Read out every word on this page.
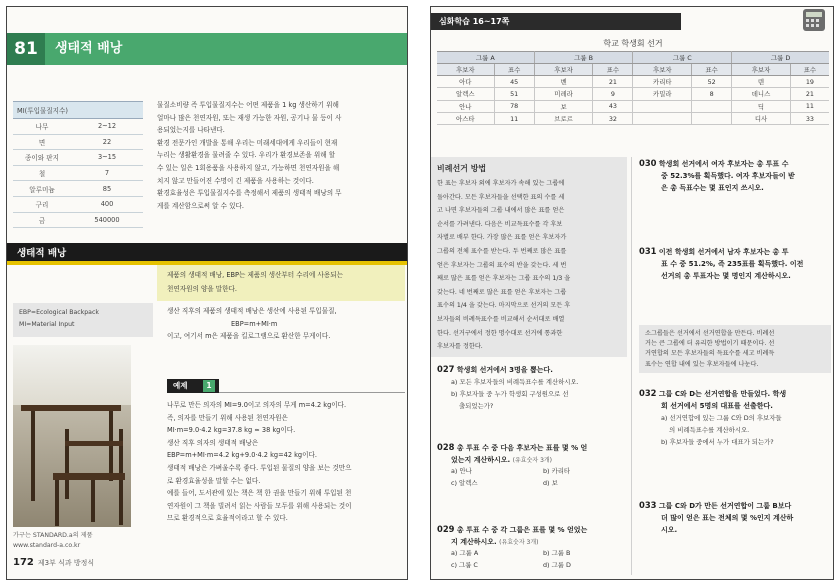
81	생태적 배낭
MI(투입물질지수)	
나무	2~12
면	22
종이와 판지	3~15
철	7
알루미늄	85
구리	400
금	540000
물질소비량 즉 투입물질지수는 어떤 제품을 1 kg 생산하기 위해
얼마나 많은 천연자원, 또는 재생 가능한 자원, 공기나 물 등이 사
용되었는지를 나타낸다.
환경 전문가인 개발을 통해 우리는 미래세대에게 우리들이 현재
누리는 생활환경을 물려줄 수 있다. 우리가 환경보존을 위해 할
수 있는 일은 1회용품을 사용하지 않고, 가능하면 천연자원을 해
치지 않고 만들어진 수명이 긴 제품을 사용하는 것이다.
환경효율성은 투입물질지수를 측정해서 제품의 생태적 배낭의 무
게를 계산함으로써 알 수 있다.
생태적 배낭
제품의 생태적 배낭, EBP는 제품의 생산부터 수리에 사용되는
천연자원의 양을 말한다.
EBP=Ecological Backpack
MI=Material Input
생산 직후의 제품의 생태적 배낭은 생산에 사용된 투입물질,
EBP=m+MI·m
이고, 여기서 m은 제품을 킬로그램으로 환산한 무게이다.
가구는 STANDARD.a의 제품
www.standard-a.co.kr
예제	1
나무로 만든 의자의 MI=9.0이고 의자의 무게 m=4.2 kg이다.
즉, 의자를 만들기 위해 사용된 천연자원은
MI·m=9.0·4.2 kg=37.8 kg ≈ 38 kg이다.
생산 직후 의자의 생태적 배낭은
EBP=m+MI·m=4.2 kg+9.0·4.2 kg=42 kg이다.
생태적 배낭은 가벼울수록 좋다. 투입된 물질의 양을 보는 것만으
로 환경효율성을 말할 수는 없다.
예를 들어, 도서관에 있는 책은 책 한 권을 만들기 위해 투입된 천
연자원이 그 책을 빌려서 읽는 사람들 모두를 위해 사용되는 것이
므로 환경적으로 효율적이라고 할 수 있다.
172 제3부 식과 방정식
심화학습 16~17쪽
학교 학생회 선거
그룹 A		그룹 B		그룹 C		그룹 D	
후보자	표수	후보자	표수	후보자	표수	후보자	표수
아다	45	벤	21	카리타	52	덴	19
알렉스	51	미레라	9	카밀라	8	데니스	21
안나	78	보	43			딕	11
아스타	11	브로르	32			디사	33
비례선거 방법
한 표는 후보자 외에 후보자가 속해 있는 그룹에
돌아간다. 모든 후보자들을 선택한 표의 수를 세
고 나면 후보자들의 그룹 내에서 많은 표를 얻은
순서를 가려낸다. 다음은 비교득표수를 각 후보
자별로 배부 한다. 가장 많은 표를 얻은 후보자가
그룹의 전체 표수를 받는다. 두 번째로 많은 표를
얻은 후보자는 그룹의 표수의 반을 갖는다. 세 번
째로 많은 표를 얻은 후보자는 그룹 표수의 1/3 을
갖는다. 네 번째로 많은 표를 얻은 후보자는 그룹
표수의 1/4 을 갖는다. 마지막으로 선거의 모든 후
보자들의 비례득표수를 비교해서 순서대로 배열
한다. 선거구에서 정한 명수대로 선거에 통과한
후보자를 정한다.
027 학생회 선거에서 3명을 뽑는다.
a) 모든 후보자들의 비례득표수를 계산하시오.
b) 후보자들 중 누가 학생회 구성원으로 선
출되었는가?
028 총 투표 수 중 다음 후보자는 표를 몇 % 얻
었는지 계산하시오. (유효숫자 3개)
a) 안나	b) 카리타
c) 알렉스	d) 보
029 총 투표 수 중 각 그룹은 표를 몇 % 얻었는
지 계산하시오. (유효숫자 3개)
a) 그룹 A	b) 그룹 B
c) 그룹 C	d) 그룹 D
030 학생회 선거에서 여자 후보자는 총 투표 수
중 52.3%를 획득했다. 여자 후보자들이 받
은 총 득표수는 몇 표인지 쓰시오.
031 이전 학생회 선거에서 남자 후보자는 총 투
표 수 중 51.2%, 즉 235표를 획득했다. 이전
선거의 총 투표자는 몇 명인지 계산하시오.
소그룹들은 선거에서 선거연합을 만든다. 비례선
거는 큰 그룹에 더 유리한 방법이기 때문이다. 선
거연합의 모든 후보자들의 득표수를 세고 비례득
표수는 연합 내에 있는 후보자들에 나눈다.
032 그룹 C와 D는 선거연합을 만들었다. 학생
회 선거에서 5명의 대표를 선출한다.
a) 선거연합에 있는 그룹 C와 D의 후보자들
의 비례득표수를 계산하시오.
b) 후보자들 중에서 누가 대표가 되는가?
033 그룹 C와 D가 만든 선거연합이 그룹 B보다
더 많이 얻은 표는 전체의 몇 %인지 계산하
시오.
